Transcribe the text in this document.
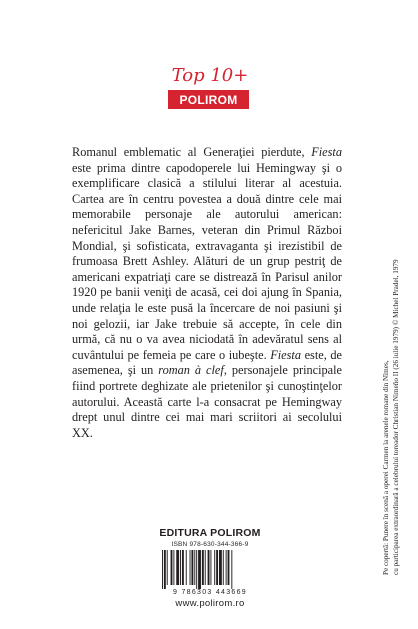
Top 10+
POLIROM

Romanul emblematic al Generaţiei pierdute, Fiesta este prima dintre capodoperele lui Hemingway şi o exemplificare clasică a stilului literar al acestuia. Cartea are în centru povestea a două dintre cele mai memorabile personaje ale autorului american: nefericitul Jake Barnes, veteran din Primul Război Mondial, şi sofisticata, extravaganta şi irezistibil de frumoasa Brett Ashley. Alături de un grup pestriţ de americani expatriaţi care se distrează în Parisul anilor 1920 pe banii veniţi de acasă, cei doi ajung în Spania, unde relaţia le este pusă la încercare de noi pasiuni şi noi gelozii, iar Jake trebuie să accepte, în cele din urmă, că nu o va avea niciodată în adevăratul sens al cuvântului pe femeia pe care o iubeşte. Fiesta este, de asemenea, şi un roman à clef, personajele principale fiind portrete deghizate ale prietenilor şi cunoştinţelor autorului. Această carte l-a consacrat pe Hemingway drept unul dintre cei mai mari scriitori ai secolului XX.

EDITURA POLIROM
ISBN 978-630-344-366-9
9 786303 443669
www.polirom.ro
Pe copertă: Punere în scenă a operei Carmen la arenele romane din Nîmes, cu participarea extraordinară a celebrului toreador Christian Nimeño II (26 iulie 1979) © Michel Pradel, 1979
